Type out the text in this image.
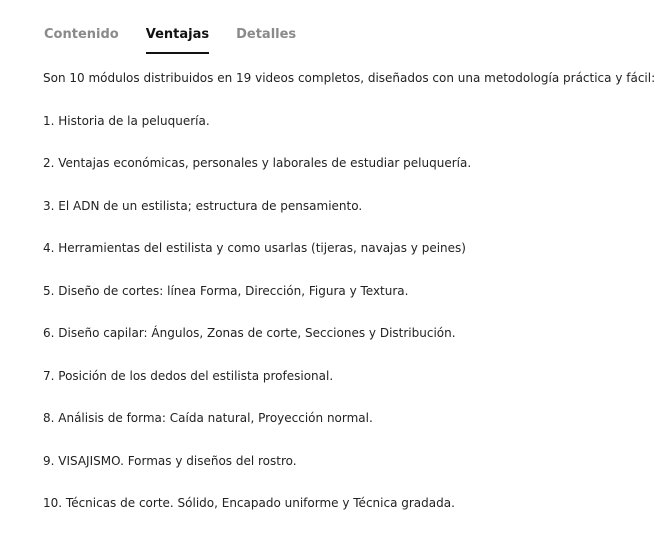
Contenido Ventajas Detalles

Son 10 módulos distribuidos en 19 videos completos, diseñados con una metodología práctica y fácil:

1. Historia de la peluquería.
2. Ventajas económicas, personales y laborales de estudiar peluquería.
3. El ADN de un estilista; estructura de pensamiento.
4. Herramientas del estilista y como usarlas (tijeras, navajas y peines)
5. Diseño de cortes: línea Forma, Dirección, Figura y Textura.
6. Diseño capilar: Ángulos, Zonas de corte, Secciones y Distribución.
7. Posición de los dedos del estilista profesional.
8. Análisis de forma: Caída natural, Proyección normal.
9. VISAJISMO. Formas y diseños del rostro.
10. Técnicas de corte. Sólido, Encapado uniforme y Técnica gradada.
